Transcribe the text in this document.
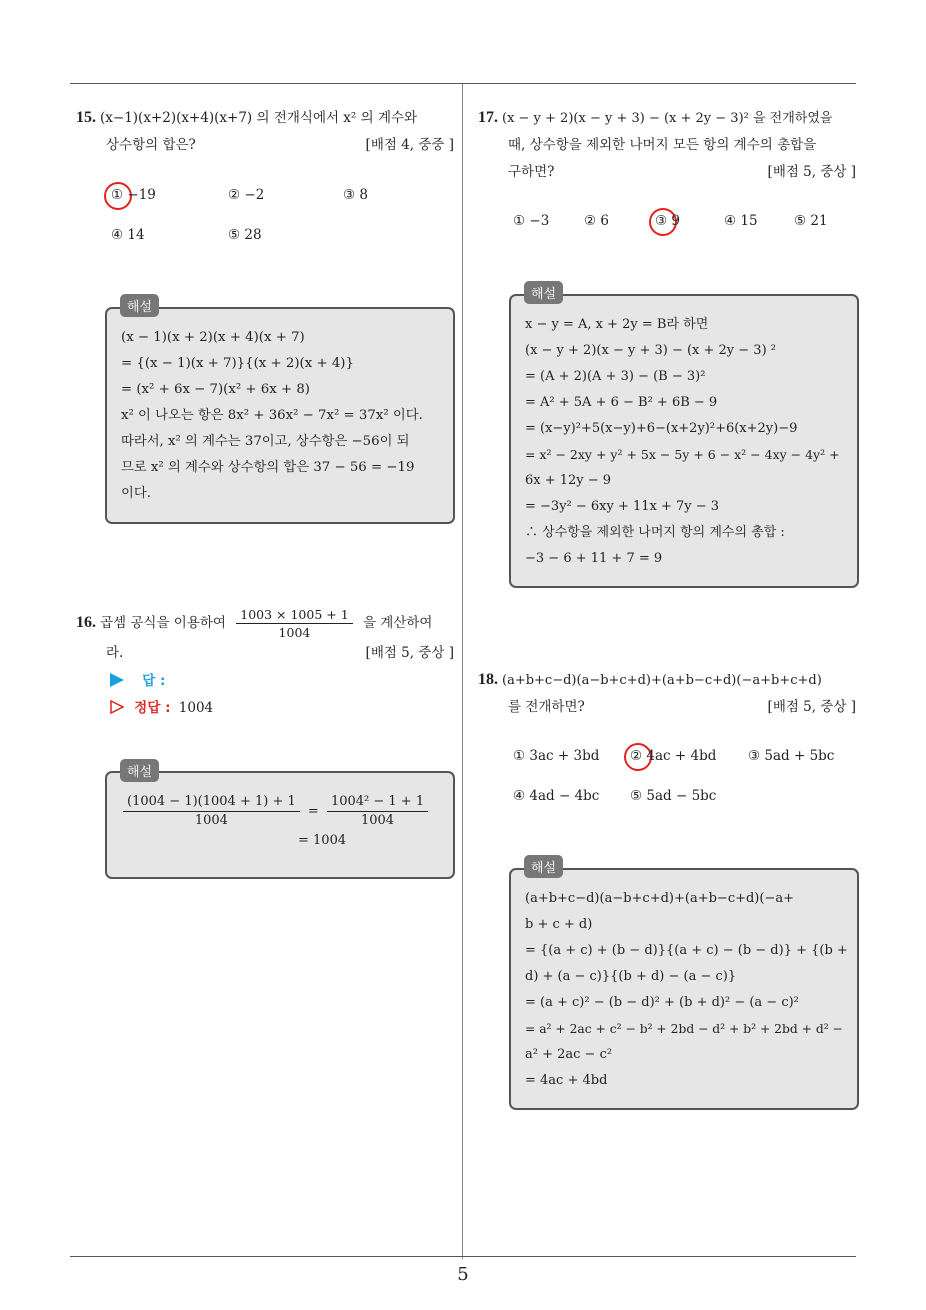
5
15. (x−1)(x+2)(x+4)(x+7) 의 전개식에서 x² 의 계수와
상수항의 합은?	[배점 4, 중중 ]
① −19	② −2	③ 8
④ 14	⑤ 28
(x − 1)(x + 2)(x + 4)(x + 7)
= {(x − 1)(x + 7)}{(x + 2)(x + 4)}
= (x² + 6x − 7)(x² + 6x + 8)
x² 이 나오는 항은 8x² + 36x² − 7x² = 37x² 이다.
따라서, x² 의 계수는 37이고, 상수항은 −56이 되
므로 x² 의 계수와 상수항의 합은 37 − 56 = −19
이다.
해설
16. 곱셈 공식을 이용하여 $\frac{1003 \times 1005 + 1}{1004}$ 을 계산하여
라.	[배점 5, 중상 ]
답 :
정답 : 1004
$\frac{(1004 - 1)(1004 + 1) + 1}{1004} = \frac{\text{1004² − 1 + 1}}{1004}$
= 1004
해설
17. (x − y + 2)(x − y + 3) − (x + 2y − 3)² 을 전개하였을
때, 상수항을 제외한 나머지 모든 항의 계수의 총합을
구하면?	[배점 5, 중상 ]
① −3	② 6	③ 9	④ 15	⑤ 21
x − y = A, x + 2y = B라 하면
(x − y + 2)(x − y + 3) − (x + 2y − 3) ²
= (A + 2)(A + 3) − (B − 3)²
= A² + 5A + 6 − B² + 6B − 9
= (x−y)²+5(x−y)+6−(x+2y)²+6(x+2y)−9
= x² − 2xy + y² + 5x − 5y + 6 − x² − 4xy − 4y² +
6x + 12y − 9
= −3y² − 6xy + 11x + 7y − 3
∴ 상수항을 제외한 나머지 항의 계수의 총합 :
−3 − 6 + 11 + 7 = 9
해설
18. (a+b+c−d)(a−b+c+d)+(a+b−c+d)(−a+b+c+d)
를 전개하면?	[배점 5, 중상 ]
① 3ac + 3bd ② 4ac + 4bd ③ 5ad + 5bc
④ 4ad − 4bc ⑤ 5ad − 5bc
(a+b+c−d)(a−b+c+d)+(a+b−c+d)(−a+
b + c + d)
= {(a + c) + (b − d)}{(a + c) − (b − d)} + {(b +
d) + (a − c)}{(b + d) − (a − c)}
= (a + c)² − (b − d)² + (b + d)² − (a − c)²
= a² + 2ac + c² − b² + 2bd − d² + b² + 2bd + d² −
a² + 2ac − c²
= 4ac + 4bd
해설
